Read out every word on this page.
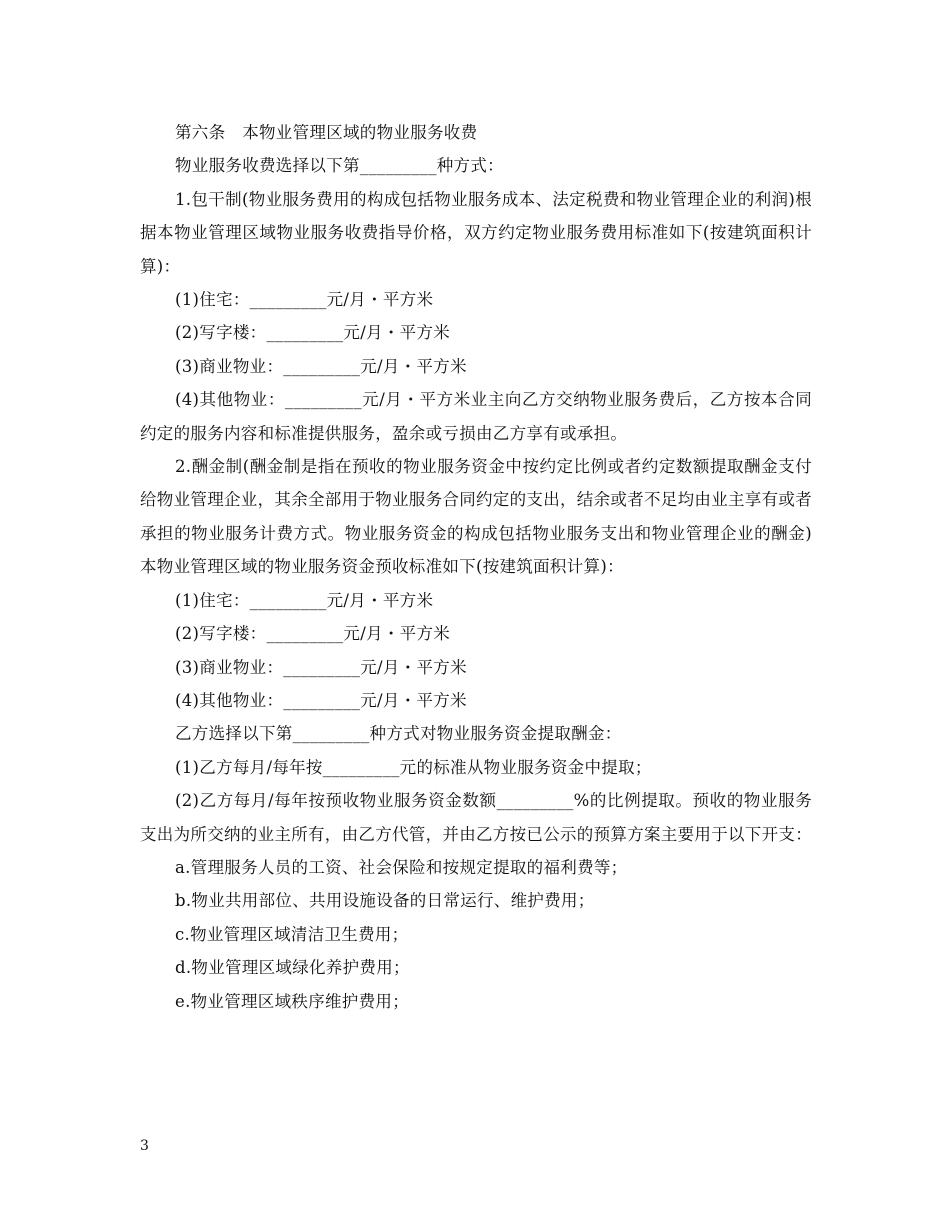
第六条　本物业管理区域的物业服务收费

物业服务收费选择以下第_________种方式：

1.包干制(物业服务费用的构成包括物业服务成本、法定税费和物业管理企业的利润)根据本物业管理区域物业服务收费指导价格，双方约定物业服务费用标准如下(按建筑面积计算)：

(1)住宅：_________元/月・平方米

(2)写字楼：_________元/月・平方米

(3)商业物业：_________元/月・平方米

(4)其他物业：_________元/月・平方米业主向乙方交纳物业服务费后，乙方按本合同约定的服务内容和标准提供服务，盈余或亏损由乙方享有或承担。

2.酬金制(酬金制是指在预收的物业服务资金中按约定比例或者约定数额提取酬金支付给物业管理企业，其余全部用于物业服务合同约定的支出，结余或者不足均由业主享有或者承担的物业服务计费方式。物业服务资金的构成包括物业服务支出和物业管理企业的酬金)本物业管理区域的物业服务资金预收标准如下(按建筑面积计算)：

(1)住宅：_________元/月・平方米

(2)写字楼：_________元/月・平方米

(3)商业物业：_________元/月・平方米

(4)其他物业：_________元/月・平方米

乙方选择以下第_________种方式对物业服务资金提取酬金：

(1)乙方每月/每年按_________元的标准从物业服务资金中提取；

(2)乙方每月/每年按预收物业服务资金数额_________%的比例提取。预收的物业服务支出为所交纳的业主所有，由乙方代管，并由乙方按已公示的预算方案主要用于以下开支：

a.管理服务人员的工资、社会保险和按规定提取的福利费等；

b.物业共用部位、共用设施设备的日常运行、维护费用；

c.物业管理区域清洁卫生费用；

d.物业管理区域绿化养护费用；

e.物业管理区域秩序维护费用；

3
